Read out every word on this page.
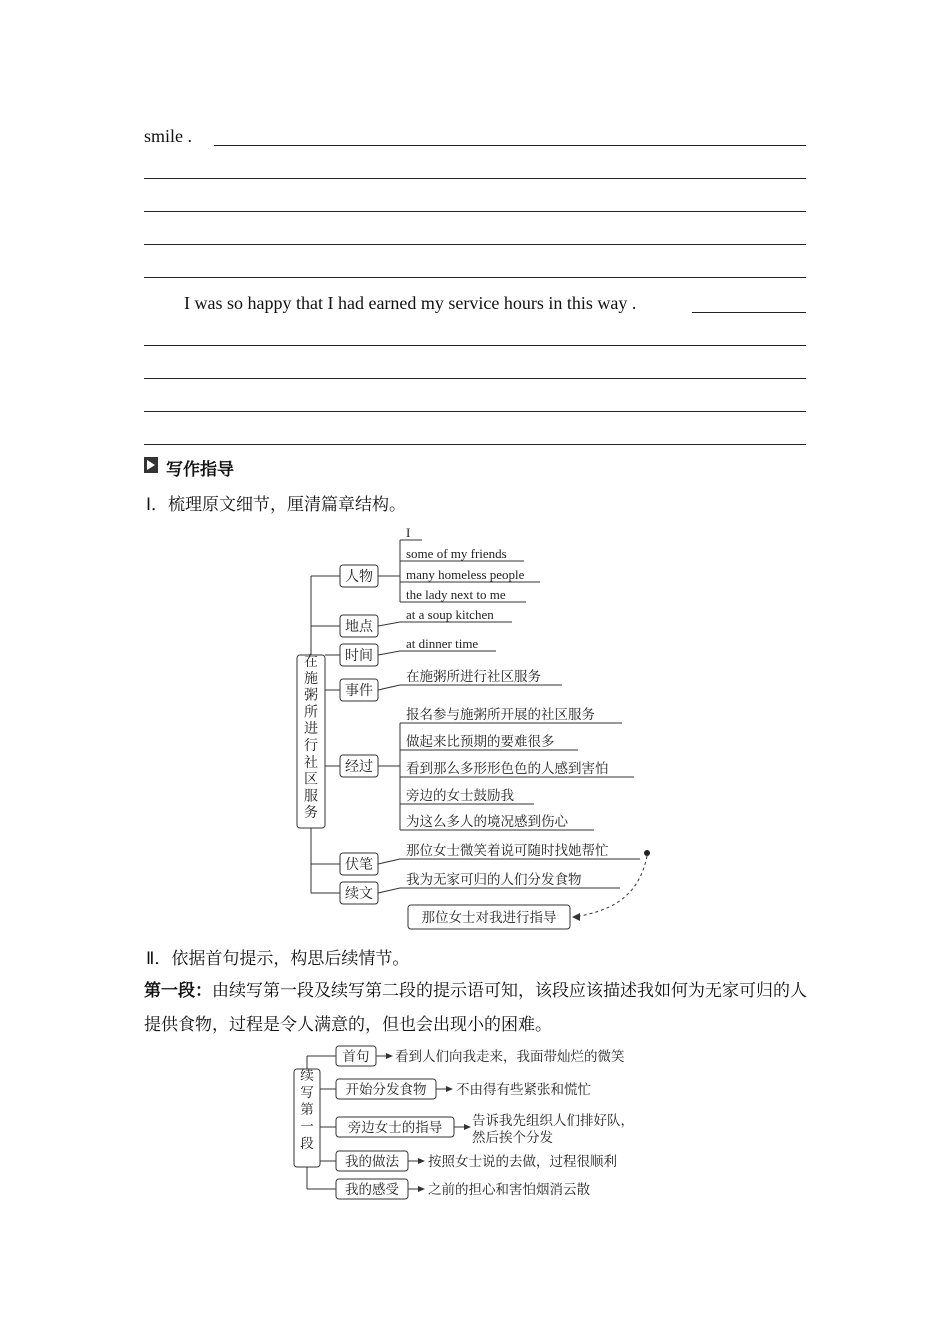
smile .
I was so happy that I had earned my service hours in this way .
写作指导
Ⅰ．梳理原文细节，厘清篇章结构。
在施粥所进行社区服务
人物
地点
时间
事件
经过
伏笔
续文
I
some of my friends
many homeless people
the lady next to me
at a soup kitchen
at dinner time
在施粥所进行社区服务
报名参与施粥所开展的社区服务
做起来比预期的要难很多
看到那么多形形色色的人感到害怕
旁边的女士鼓励我
为这么多人的境况感到伤心
那位女士微笑着说可随时找她帮忙
我为无家可归的人们分发食物
那位女士对我进行指导
续写第一段
首句
开始分发食物
旁边女士的指导
我的做法
我的感受
看到人们向我走来，我面带灿烂的微笑
不由得有些紧张和慌忙
告诉我先组织人们排好队，
然后挨个分发
按照女士说的去做，过程很顺利
之前的担心和害怕烟消云散
Ⅱ．依据首句提示，构思后续情节。
第一段：由续写第一段及续写第二段的提示语可知，该段应该描述我如何为无家可归的人提供食物，过程是令人满意的，但也会出现小的困难。
